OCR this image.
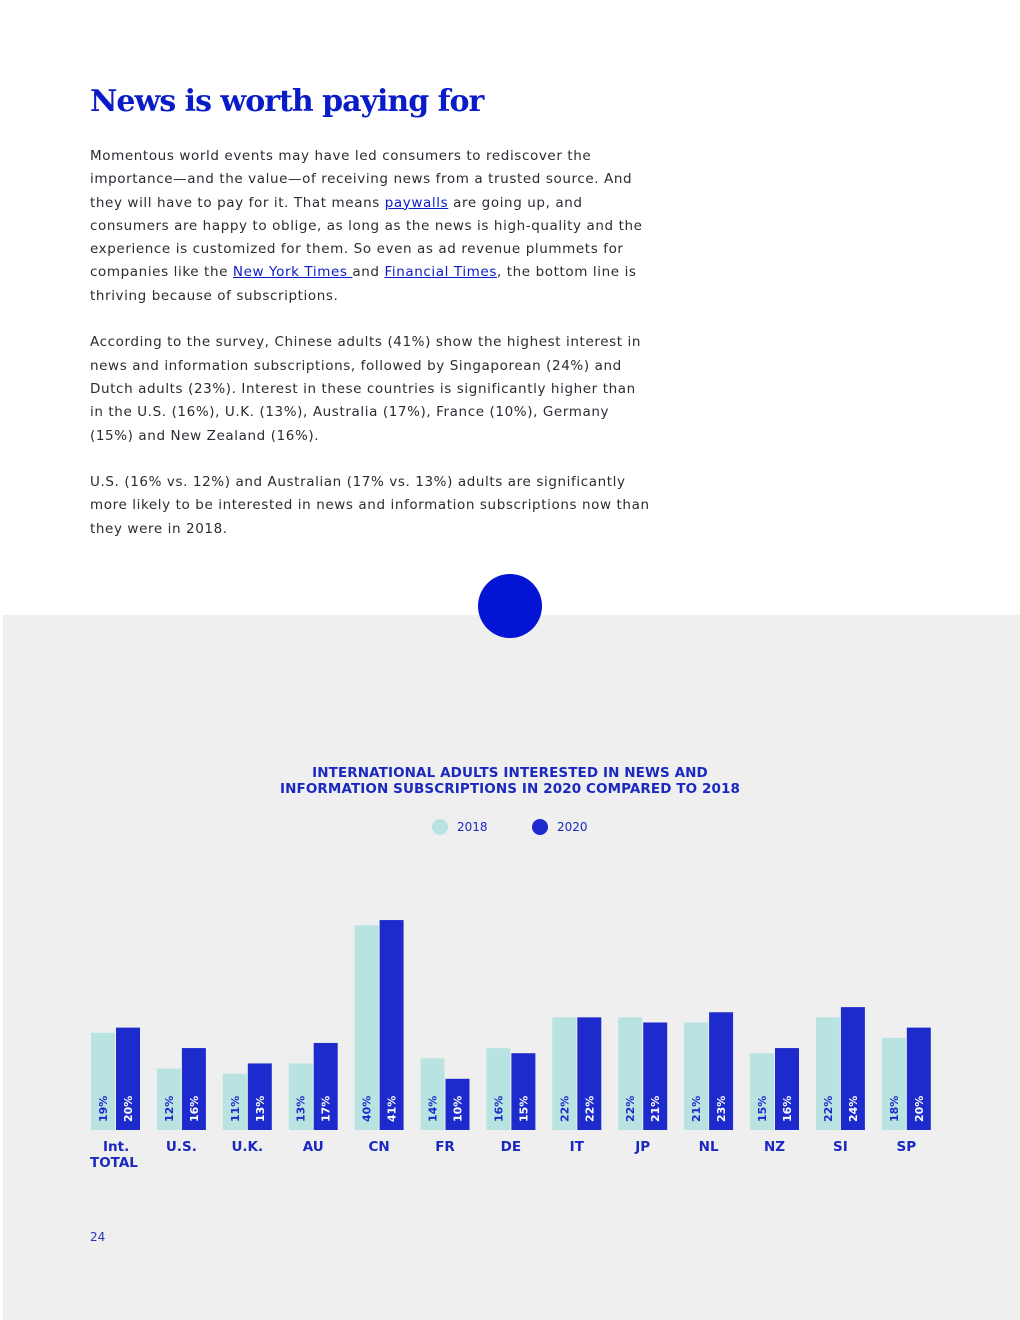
News is worth paying for

Momentous world events may have led consumers to rediscover the importance—and the value—of receiving news from a trusted source. And they will have to pay for it. That means paywalls are going up, and consumers are happy to oblige, as long as the news is high-quality and the experience is customized for them. So even as ad revenue plummets for companies like the New York Times and Financial Times, the bottom line is thriving because of subscriptions.

According to the survey, Chinese adults (41%) show the highest interest in news and information subscriptions, followed by Singaporean (24%) and Dutch adults (23%). Interest in these countries is significantly higher than in the U.S. (16%), U.K. (13%), Australia (17%), France (10%), Germany (15%) and New Zealand (16%).

U.S. (16% vs. 12%) and Australian (17% vs. 13%) adults are significantly more likely to be interested in news and information subscriptions now than they were in 2018.

INTERNATIONAL ADULTS INTERESTED IN NEWS AND
INFORMATION SUBSCRIPTIONS IN 2020 COMPARED TO 2018
2018	2020
19% 20%
Int. TOTAL
12% 16%
U.S.
11% 13%
U.K.
13% 17%
AU
40% 41%
CN
14% 10%
FR
16% 15%
DE
22% 22%
IT
22% 21%
JP
21% 23%
NL
15% 16%
NZ
22% 24%
SI
18% 20%
SP
24
